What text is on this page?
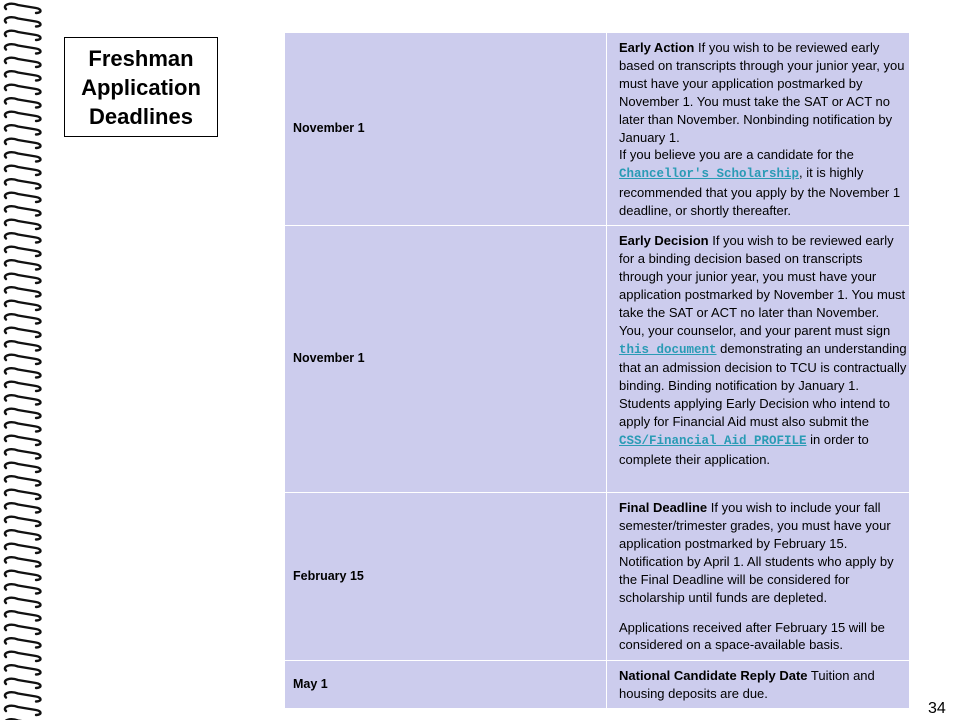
Freshman
Application
Deadlines	November 1	Early Action If you wish to be reviewed early based on transcripts through your junior year, you must have your application postmarked by November 1. You must take the SAT or ACT no later than November. Nonbinding notification by January 1.
If you believe you are a candidate for the Chancellor's Scholarship, it is highly recommended that you apply by the November 1 deadline, or shortly thereafter.

November 1	Early Decision If you wish to be reviewed early for a binding decision based on transcripts through your junior year, you must have your application postmarked by November 1. You must take the SAT or ACT no later than November. You, your counselor, and your parent must sign this document demonstrating an understanding that an admission decision to TCU is contractually binding. Binding notification by January 1. Students applying Early Decision who intend to apply for Financial Aid must also submit the CSS/Financial Aid PROFILE in order to complete their application.

February 15	Final Deadline If you wish to include your fall semester/trimester grades, you must have your application postmarked by February 15. Notification by April 1. All students who apply by the Final Deadline will be considered for scholarship until funds are depleted.
Applications received after February 15 will be considered on a space-available basis.

May 1	National Candidate Reply Date Tuition and housing deposits are due.
34
